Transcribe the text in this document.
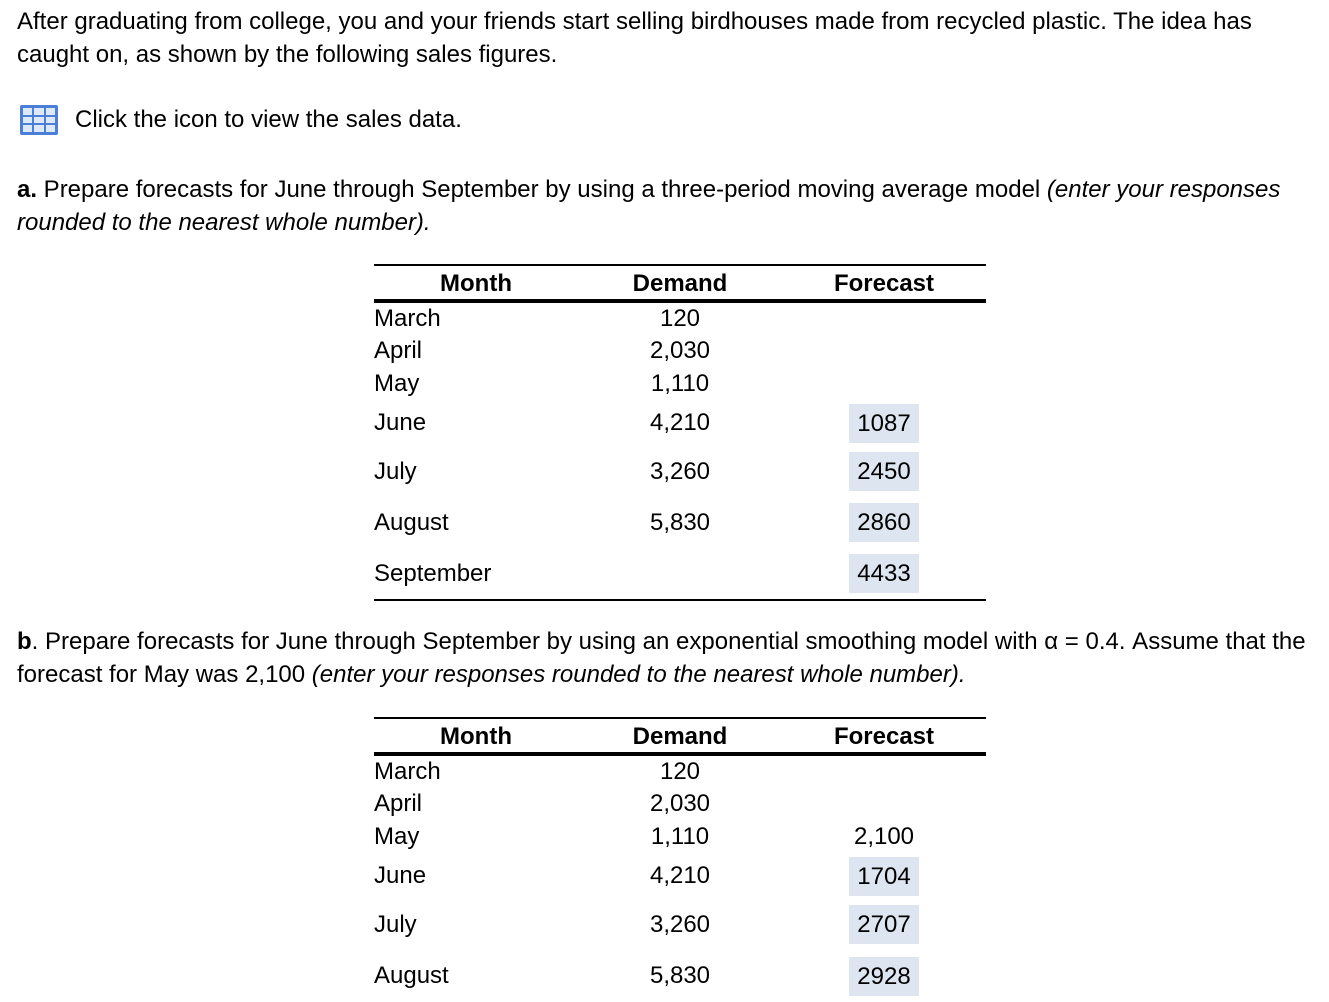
After graduating from college, you and your friends start selling birdhouses made from recycled plastic. The idea has caught on, as shown by the following sales figures.
Click the icon to view the sales data.
a. Prepare forecasts for June through September by using a three-period moving average model (enter your responses rounded to the nearest whole number).
Month	Demand	Forecast
March	120	
April	2,030	
May	1,110	
June	4,210	1087
July	3,260	2450
August	5,830	2860
September		4433
b. Prepare forecasts for June through September by using an exponential smoothing model with α = 0.4. Assume that the forecast for May was 2,100 (enter your responses rounded to the nearest whole number).
Month	Demand	Forecast
March	120	
April	2,030	
May	1,110	2,100
June	4,210	1704
July	3,260	2707
August	5,830	2928
